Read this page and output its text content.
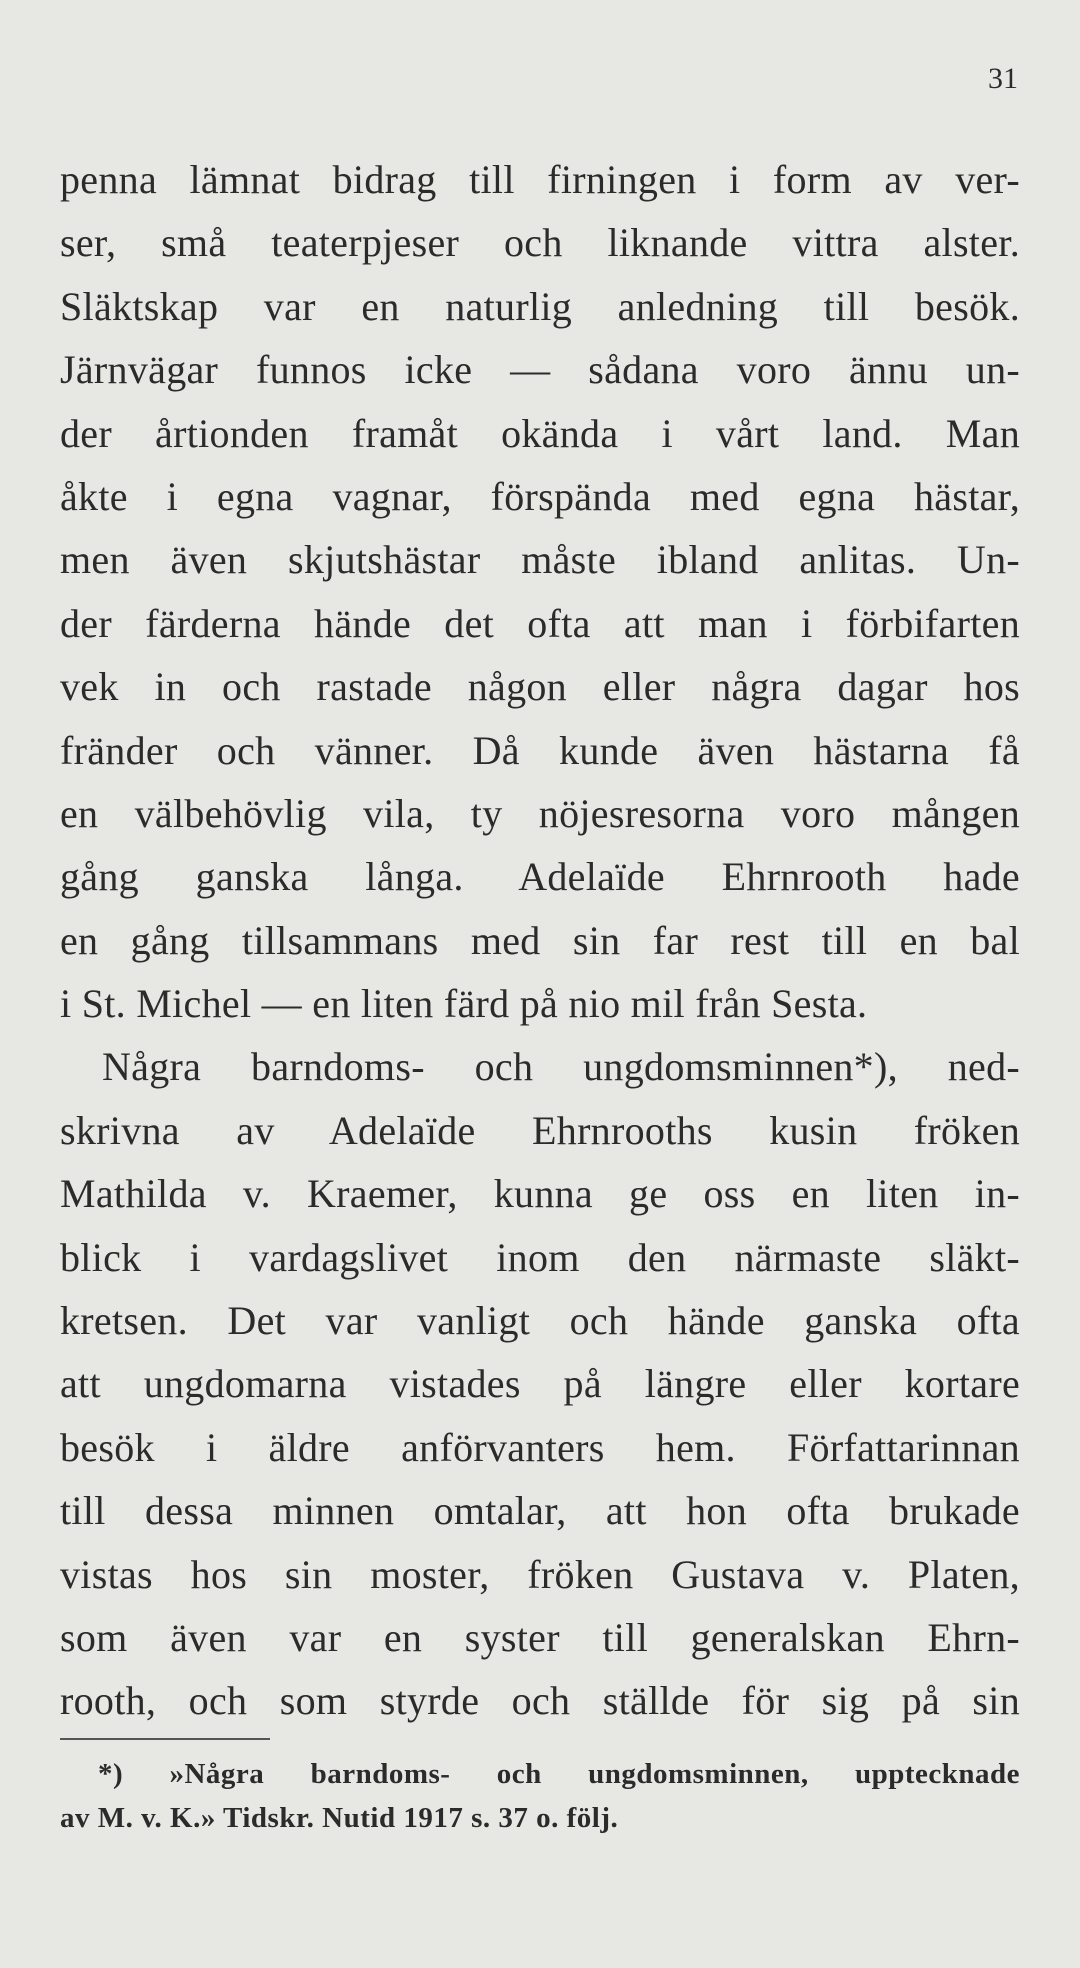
31
penna lämnat bidrag till firningen i form av ver-
ser, små teaterpjeser och liknande vittra alster.
Släktskap var en naturlig anledning till besök.
Järnvägar funnos icke — sådana voro ännu un-
der årtionden framåt okända i vårt land. Man
åkte i egna vagnar, förspända med egna hästar,
men även skjutshästar måste ibland anlitas. Un-
der färderna hände det ofta att man i förbifarten
vek in och rastade någon eller några dagar hos
fränder och vänner. Då kunde även hästarna få
en välbehövlig vila, ty nöjesresorna voro mången
gång ganska långa. Adelaïde Ehrnrooth hade
en gång tillsammans med sin far rest till en bal
i St. Michel — en liten färd på nio mil från Sesta.
Några barndoms- och ungdomsminnen*), ned-
skrivna av Adelaïde Ehrnrooths kusin fröken
Mathilda v. Kraemer, kunna ge oss en liten in-
blick i vardagslivet inom den närmaste släkt-
kretsen. Det var vanligt och hände ganska ofta
att ungdomarna vistades på längre eller kortare
besök i äldre anförvanters hem. Författarinnan
till dessa minnen omtalar, att hon ofta brukade
vistas hos sin moster, fröken Gustava v. Platen,
som även var en syster till generalskan Ehrn-
rooth, och som styrde och ställde för sig på sin
*) »Några barndoms- och ungdomsminnen, upptecknade
av M. v. K.» Tidskr. Nutid 1917 s. 37 o. följ.
